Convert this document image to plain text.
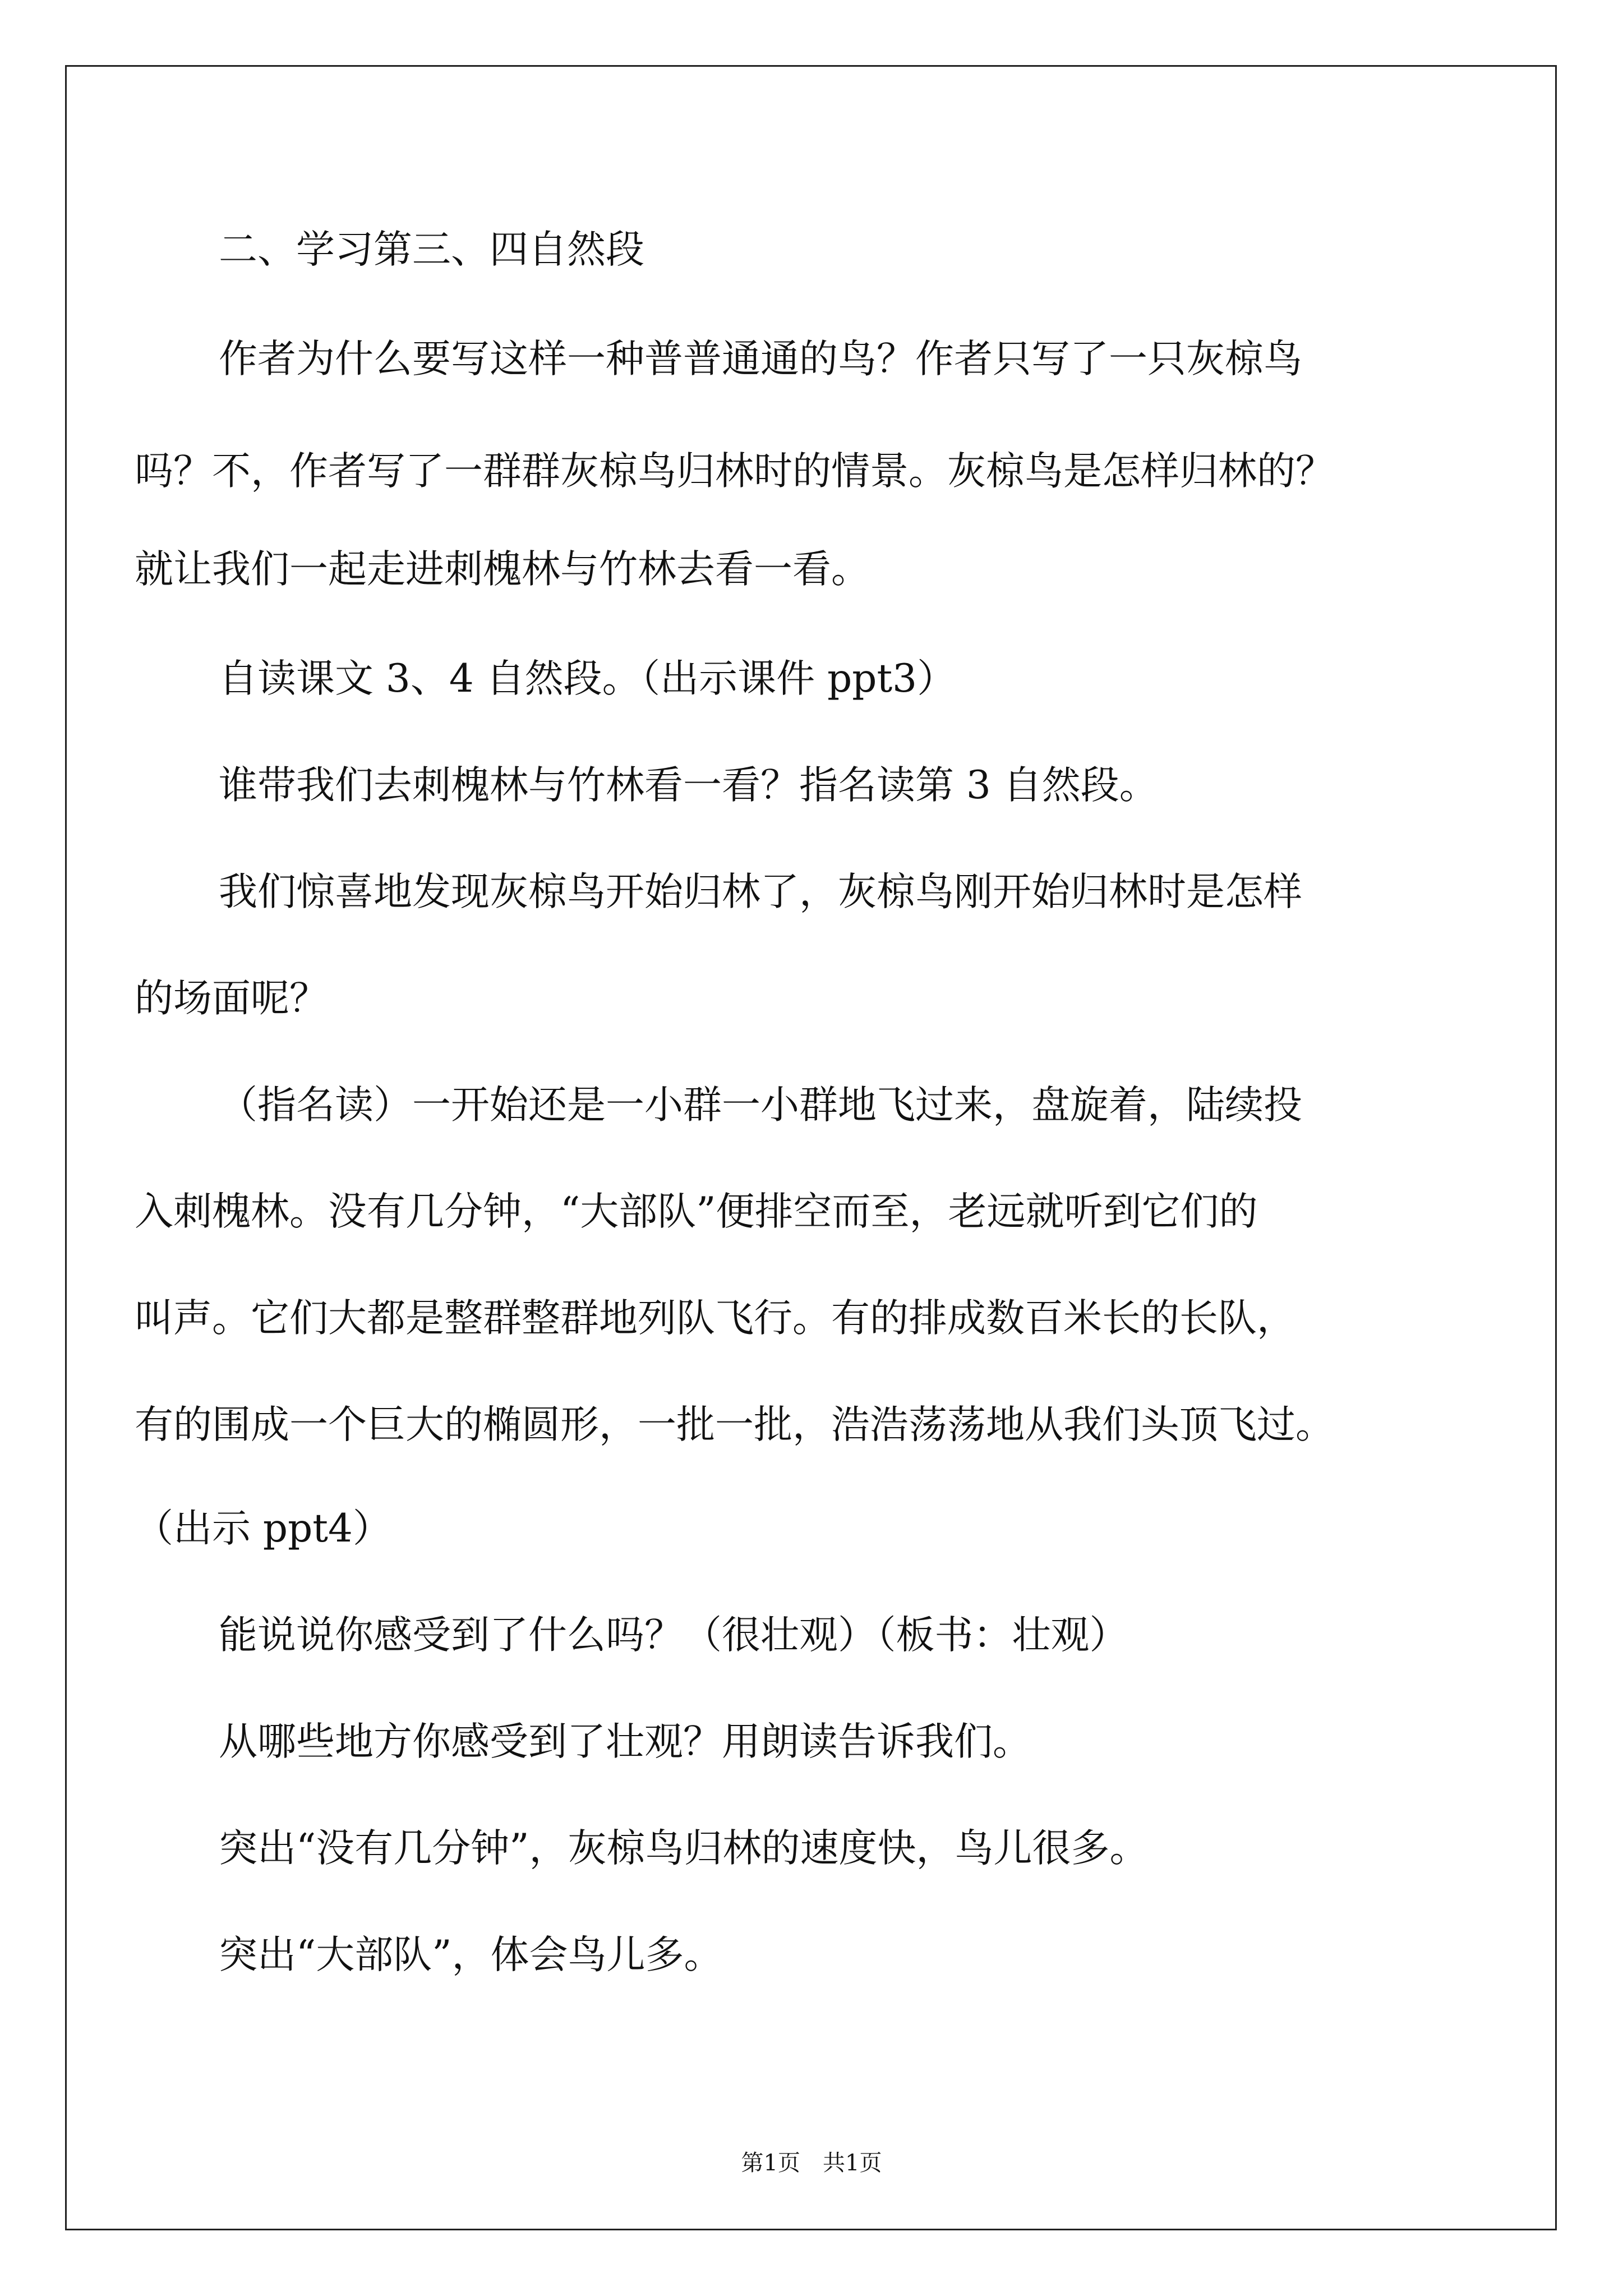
二、学习第三、四自然段

作者为什么要写这样一种普普通通的鸟？作者只写了一只灰椋鸟

吗？不，作者写了一群群灰椋鸟归林时的情景。灰椋鸟是怎样归林的？

就让我们一起走进刺槐林与竹林去看一看。

自读课文 3、4 自然段。（出示课件 ppt3）

谁带我们去刺槐林与竹林看一看？指名读第 3 自然段。

我们惊喜地发现灰椋鸟开始归林了，灰椋鸟刚开始归林时是怎样

的场面呢？

（指名读）一开始还是一小群一小群地飞过来，盘旋着，陆续投

入刺槐林。没有几分钟，“大部队”便排空而至，老远就听到它们的

叫声。它们大都是整群整群地列队飞行。有的排成数百米长的长队，

有的围成一个巨大的椭圆形，一批一批，浩浩荡荡地从我们头顶飞过。

（出示 ppt4）

能说说你感受到了什么吗？（很壮观）（板书：壮观）

从哪些地方你感受到了壮观？用朗读告诉我们。

突出“没有几分钟”，灰椋鸟归林的速度快，鸟儿很多。

突出“大部队”，体会鸟儿多。

第1页　共1页
